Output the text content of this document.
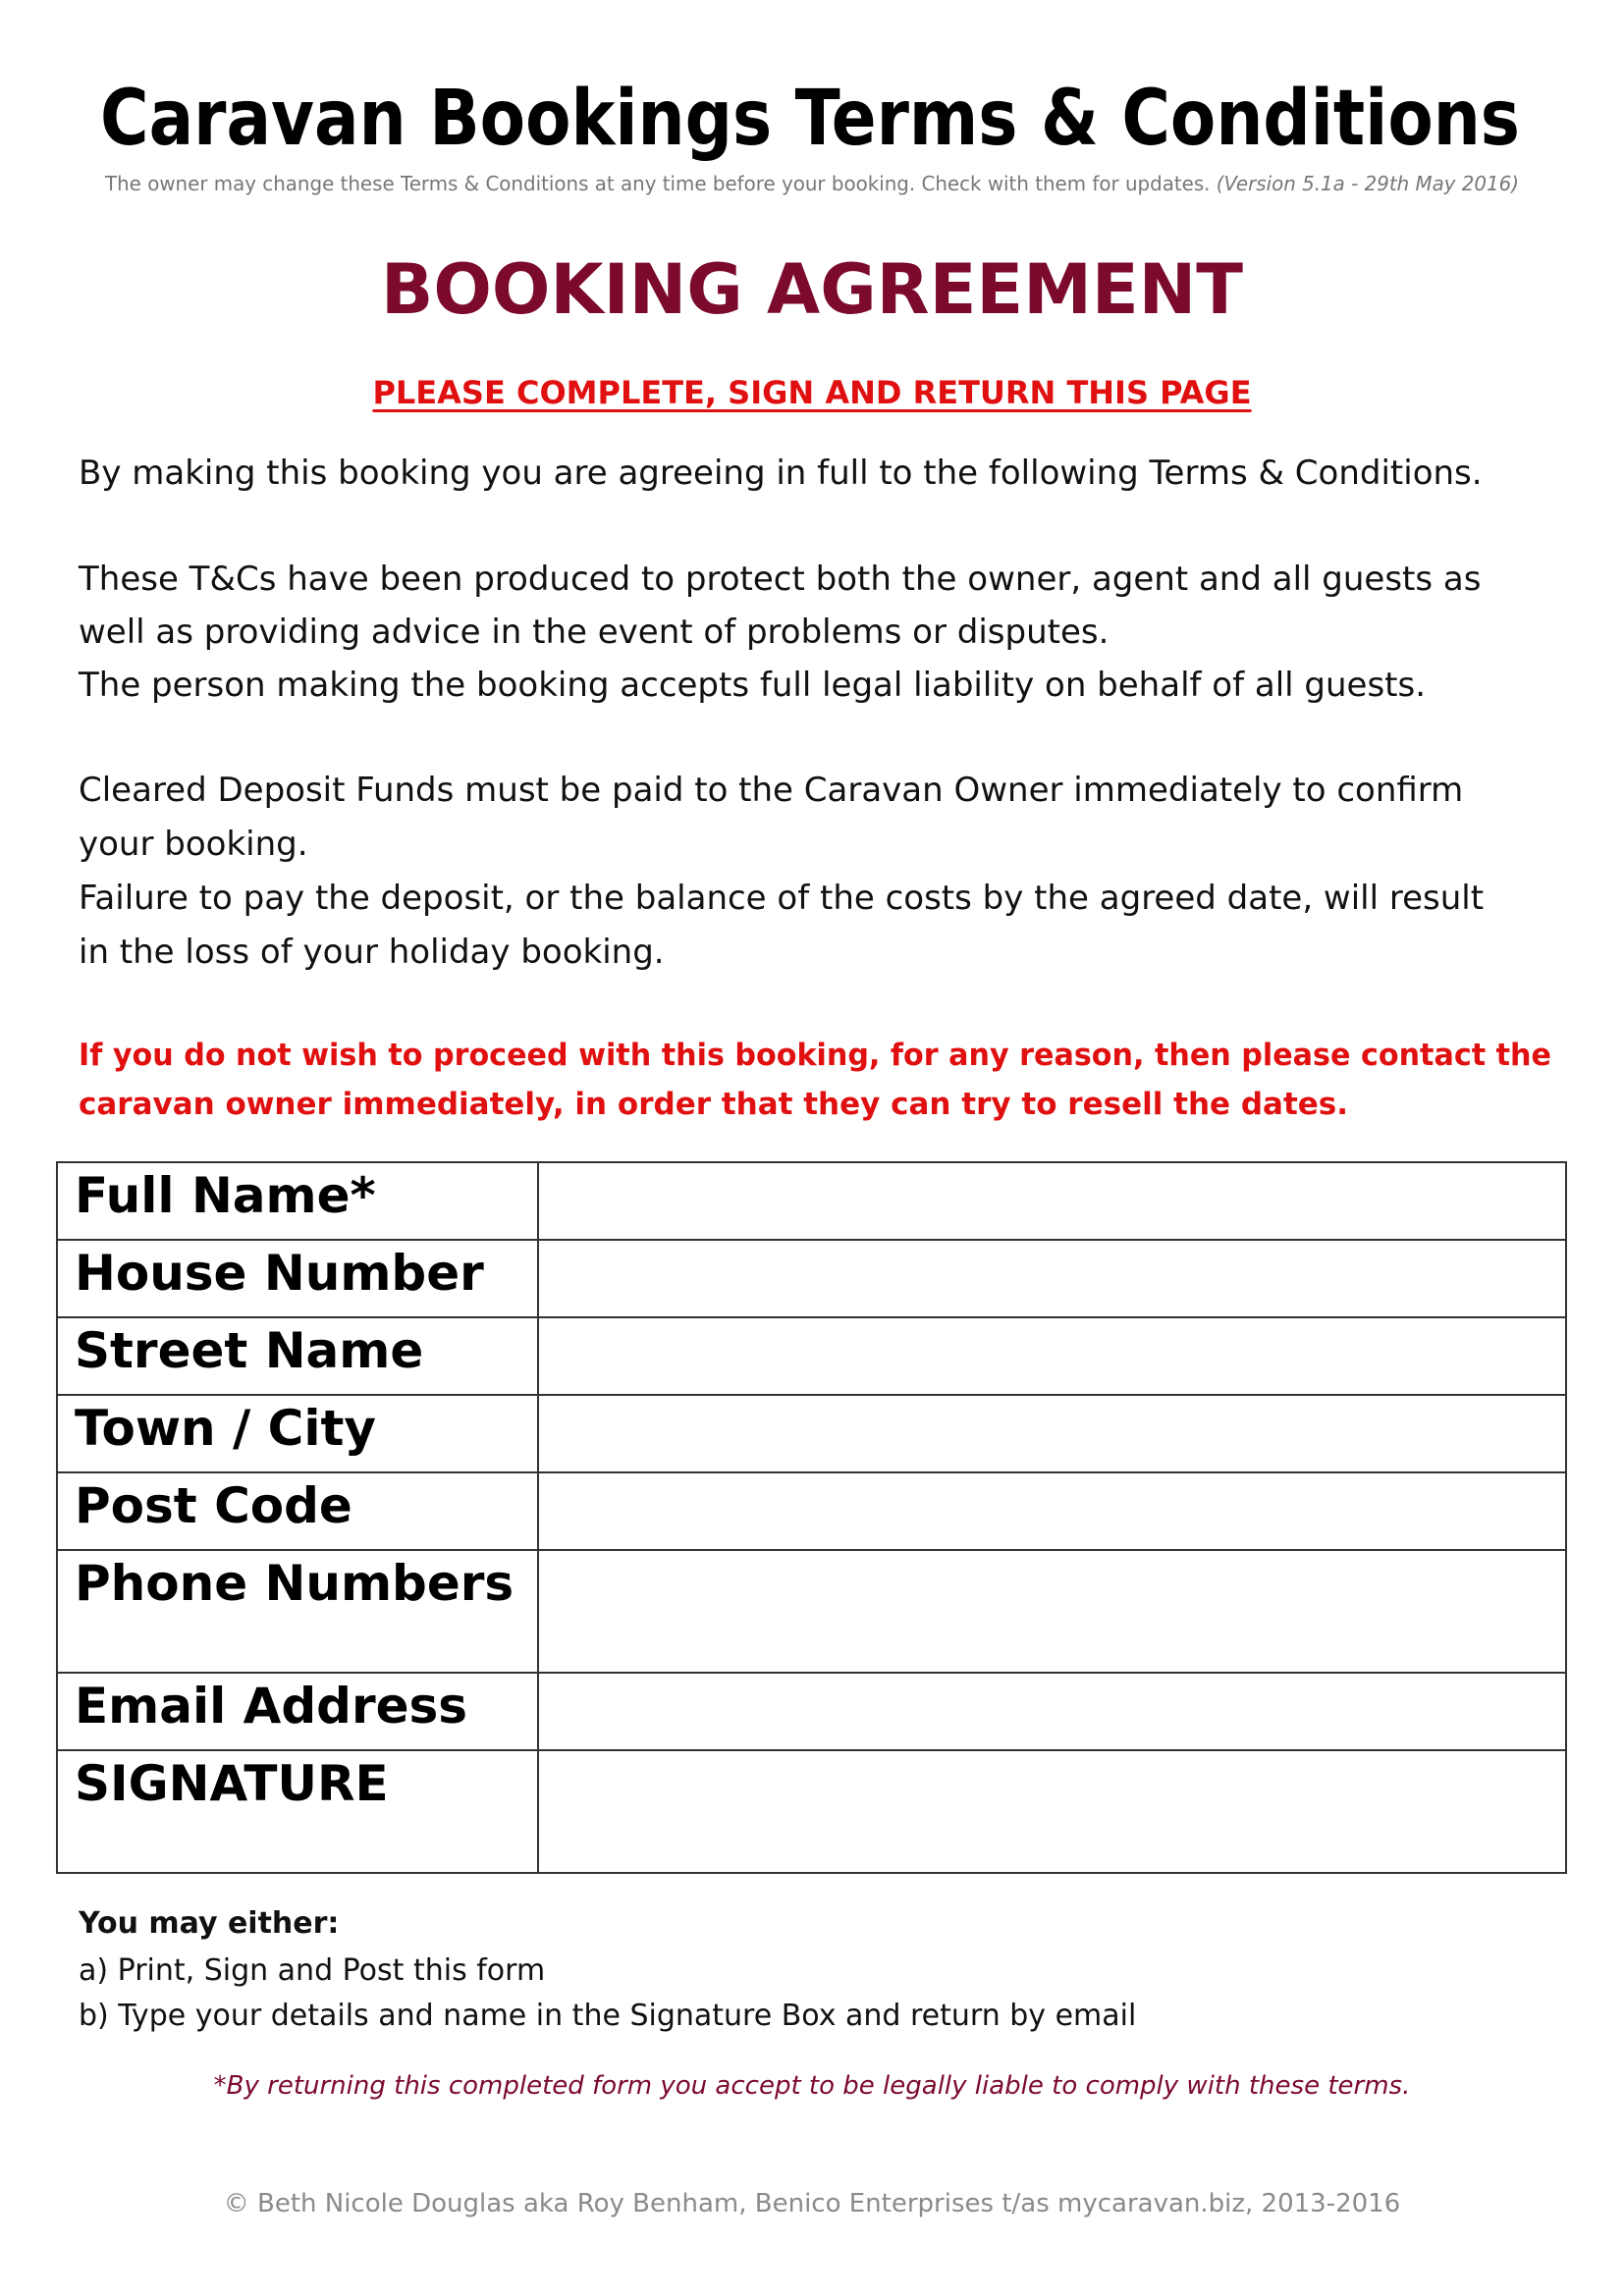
Caravan Bookings Terms & Conditions
The owner may change these Terms & Conditions at any time before your booking. Check with them for updates. (Version 5.1a - 29th May 2016)
BOOKING AGREEMENT
PLEASE COMPLETE, SIGN AND RETURN THIS PAGE
By making this booking you are agreeing in full to the following Terms & Conditions.
These T&Cs have been produced to protect both the owner, agent and all guests as
well as providing advice in the event of problems or disputes.
The person making the booking accepts full legal liability on behalf of all guests.
Cleared Deposit Funds must be paid to the Caravan Owner immediately to confirm
your booking.
Failure to pay the deposit, or the balance of the costs by the agreed date, will result
in the loss of your holiday booking.
If you do not wish to proceed with this booking, for any reason, then please contact the
caravan owner immediately, in order that they can try to resell the dates.
Full Name*	
House Number	
Street Name	
Town / City	
Post Code	
Phone Numbers	
Email Address	
SIGNATURE	
You may either:
a) Print, Sign and Post this form
b) Type your details and name in the Signature Box and return by email
*By returning this completed form you accept to be legally liable to comply with these terms.
© Beth Nicole Douglas aka Roy Benham, Benico Enterprises t/as mycaravan.biz, 2013-2016
